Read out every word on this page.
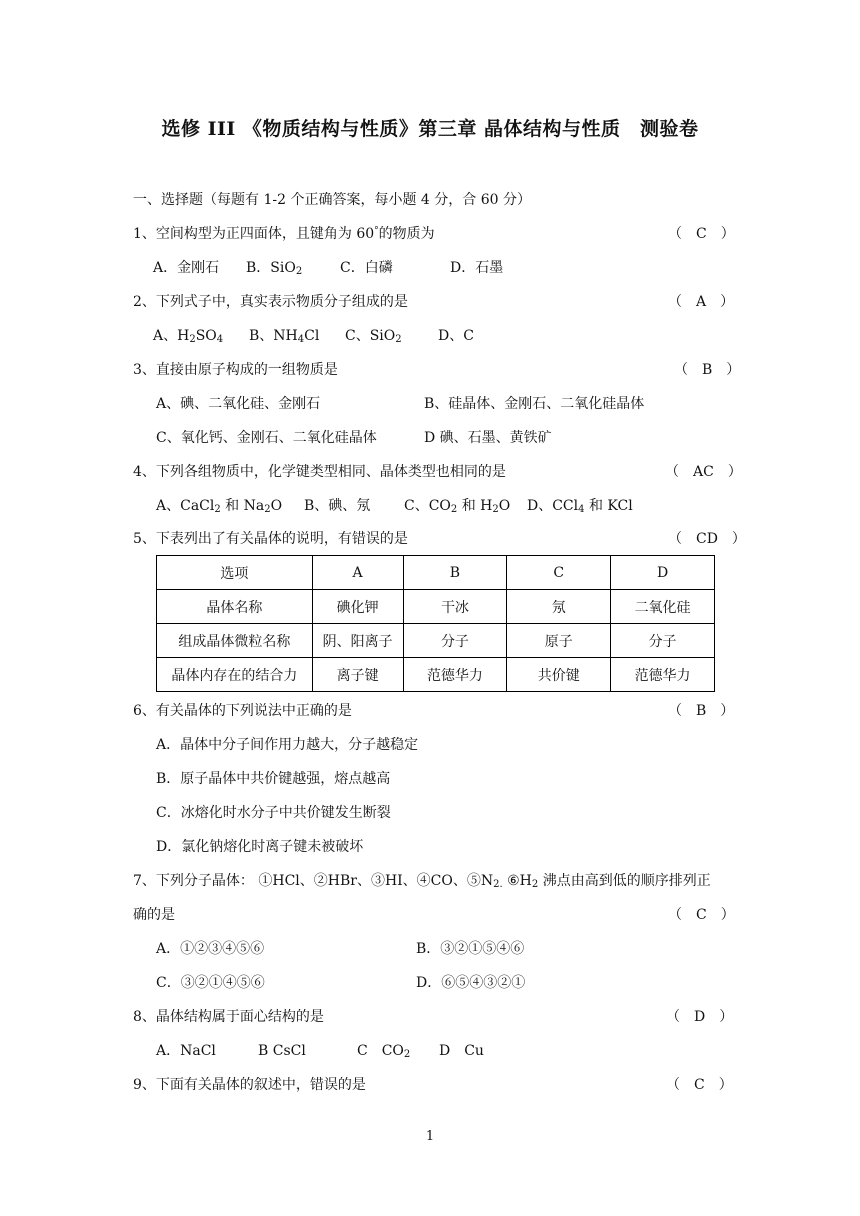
选修 III 《物质结构与性质》第三章 晶体结构与性质　测验卷
一、选择题（每题有 1-2 个正确答案，每小题 4 分，合 60 分）
1、空间构型为正四面体，且键角为 60°的物质为	（　C　）
A．金刚石 B．SiO$_2$	C．白磷	D．石墨
2、下列式子中，真实表示物质分子组成的是	（　A　）
A、$H_2SO_4$ B、$NH_4Cl$ C、SiO$_2$	D、C
3、直接由原子构成的一组物质是	（　B　）
A、碘、二氧化硅、金刚石	B、硅晶体、金刚石、二氧化硅晶体
C、氧化钙、金刚石、二氧化硅晶体	D 碘、石墨、黄铁矿
4、下列各组物质中，化学键类型相同、晶体类型也相同的是	（　AC　）
A、CaCl$_2$ 和 $Na_2O$ B、碘、氖 C、$CO_2$ 和 $H_2O$ D、CCl$_4$ 和 KCl
5、下表列出了有关晶体的说明，有错误的是	（　CD　）
选项	A	B	C	D
晶体名称	碘化钾	干冰	氖	二氧化硅
组成晶体微粒名称	阴、阳离子	分子	原子	分子
晶体内存在的结合力	离子键	范德华力	共价键	范德华力
6、有关晶体的下列说法中正确的是	（　B　）
A．晶体中分子间作用力越大，分子越稳定
B．原子晶体中共价键越强，熔点越高
C．冰熔化时水分子中共价键发生断裂
D．氯化钠熔化时离子键未被破坏
7、下列分子晶体： ①HCl、②HBr、③HI、④CO、$⑤N_{2.}$ $⑥H_2$ 沸点由高到低的顺序排列正
确的是	（　C　）
A．①②③④⑤⑥	B．③②①⑤④⑥
C．③②①④⑤⑥	D．⑥⑤④③②①
8、晶体结构属于面心结构的是	（　D　）
A．NaCl	B CsCl	C　$CO_2$ D　Cu
9、下面有关晶体的叙述中，错误的是	（　C　）
1
